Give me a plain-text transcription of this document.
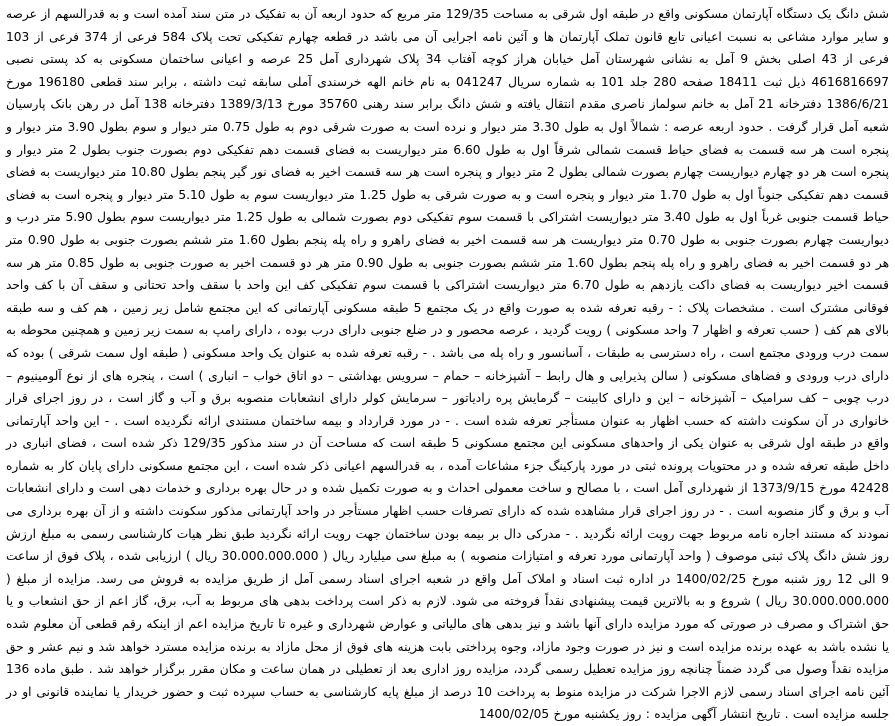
شش دانگ یک دستگاه آپارتمان مسکونی واقع در طبقه اول شرقی به مساحت 129/35 متر مربع که حدود اربعه آن به تفکیک در متن سند آمده است و به قدرالسهم از عرصه و سایر موارد مشاعی به نسبت اعیانی تابع قانون تملک آپارتمان ها و آئین نامه اجرایی آن می باشد در قطعه چهارم تفکیکی تحت پلاک 584 فرعی از 374 فرعی از 103 فرعی از 43 اصلی بخش 9 آمل به نشانی شهرستان آمل خیابان هراز کوچه آفتاب 34 پلاک شهرداری آمل 25 عرصه و اعیانی ساختمان مسکونی به کد پستی نصبی 4616816697 ذیل ثبت 18411 صفحه 280 جلد 101 به شماره سریال 041247 به نام خانم الهه خرسندی آملی سابقه ثبت داشته ، برابر سند قطعی 196180 مورخ 1386/6/21 دفترخانه 21 آمل به خانم سولماز ناصری مقدم انتقال یافته و شش دانگ برابر سند رهنی 35760 مورخ 1389/3/13 دفترخانه 138 آمل در رهن بانک پارسیان شعبه آمل قرار گرفت . حدود اربعه عرصه : شمالاً اول به طول 3.30 متر دیوار و نرده است به صورت شرقی دوم به طول 0.75 متر دیوار و سوم بطول 3.90 متر دیوار و پنجره است هر سه قسمت به فضای حیاط قسمت شمالی شرقاً اول به طول 6.60 متر دیواریست به فضای قسمت دهم تفکیکی دوم بصورت جنوب بطول 2 متر دیوار و پنجره است هر دو چهارم دیواریست چهارم بصورت شمالی بطول 2 متر دیوار و پنجره است هر سه قسمت اخیر به فضای نور گیر پنجم بطول 10.80 متر دیواریست به فضای قسمت دهم تفکیکی جنوباً اول به طول 1.70 متر دیوار و پنجره است و به صورت شرقی به طول 1.25 متر دیواریست سوم به طول 5.10 متر دیوار و پنجره است به فضای حیاط قسمت جنوبی غرباً اول به طول 3.40 متر دیواریست اشتراکی با قسمت سوم تفکیکی دوم بصورت شمالی به طول 1.25 متر دیواریست سوم بطول 5.90 متر درب و دیواریست چهارم بصورت جنوبی به طول 0.70 متر دیواریست هر سه قسمت اخیر به فضای راهرو و راه پله پنجم بطول 1.60 متر ششم بصورت جنوبی به طول 0.90 متر هر دو قسمت اخیر به فضای راهرو و راه پله پنجم بطول 1.60 متر ششم بصورت جنوبی به طول 0.90 متر هر دو قسمت اخیر به صورت جنوبی به طول 0.85 متر هر سه قسمت اخیر دیواریست به فضای داکت یازدهم به طول 6.70 متر دیواریست اشتراکی با قسمت سوم تفکیکی کف این واحد با سقف واحد تحتانی و سقف آن با کف واحد فوقانی مشترک است . مشخصات پلاک : - رقبه تعرفه شده به صورت واقع در یک مجتمع 5 طبقه مسکونی آپارتمانی که این مجتمع شامل زیر زمین ، هم کف و سه طبقه بالای هم کف ( حسب تعرفه و اظهار 7 واحد مسکونی ) رویت گردید ، عرصه محصور و در ضلع جنوبی دارای درب بوده ، دارای رامپ به سمت زیر زمین و همچنین محوطه به سمت درب ورودی مجتمع است ، راه دسترسی به طبقات ، آسانسور و راه پله می باشد . - رقبه تعرفه شده به عنوان یک واحد مسکونی ( طبقه اول سمت شرقی ) بوده که دارای درب ورودی و فضاهای مسکونی ( سالن پذیرایی و هال رابط – آشپزخانه – حمام – سرویس بهداشتی – دو اتاق خواب – انباری ) است ، پنجره های از نوع آلومینیوم – درب چوبی – کف سرامیک – آشپزخانه – این و دارای کابینت – گرمایش پره رادیاتور – سرمایش کولر دارای انشعابات منصوبه برق و آب و گاز است ، در روز اجرای قرار خانواری در آن سکونت داشته که حسب اظهار به عنوان مستأجر تعرفه شده است . - در مورد قرارداد و بیمه ساختمان مستندی ارائه نگردیده است . - این واحد آپارتمانی واقع در طبقه اول شرقی به عنوان یکی از واحدهای مسکونی این مجتمع مسکونی 5 طبقه است که مساحت آن در سند مذکور 129/35 ذکر شده است ، فضای انباری در داخل طبقه تعرفه شده و در محتویات پرونده ثبتی در مورد پارکینگ جزء مشاعات آمده ، به قدرالسهم اعیانی ذکر شده است ، این مجتمع مسکونی دارای پایان کار به شماره 42428 مورخ 1373/9/15 از شهرداری آمل است ، با مصالح و ساخت معمولی احداث و به صورت تکمیل شده و در حال بهره برداری و خدمات دهی است و دارای انشعابات آب و برق و گاز منصوبه است . - در روز اجرای قرار مشاهده شده که دارای تصرفات حسب اظهار مستأجر در واحد آپارتمانی مذکور سکونت داشته و از آن بهره برداری می نمودند که مستند اجاره نامه مربوط جهت رویت ارائه نگردید . - مدرکی دال بر بیمه بودن ساختمان جهت رویت ارائه نگردید طبق نظر هیات کارشناسی رسمی به مبلغ ارزش روز شش دانگ پلاک ثبتی موصوف ( واحد آپارتمانی مورد تعرفه و امتیازات منصوبه ) به مبلغ سی میلیارد ریال ( 30.000.000.000 ریال ) ارزیابی شده ، پلاک فوق از ساعت 9 الی 12 روز شنبه مورخ 1400/02/25 در اداره ثبت اسناد و املاک آمل واقع در شعبه اجرای اسناد رسمی آمل از طریق مزایده به فروش می رسد. مزایده از مبلغ ( 30.000.000.000 ریال ) شروع و به بالاترین قیمت پیشنهادی نقداً فروخته می شود. لازم به ذکر است پرداخت بدهی های مربوط به آب، برق، گاز اعم از حق انشعاب و یا حق اشتراک و مصرف در صورتی که مورد مزایده دارای آنها باشد و نیز بدهی های مالیاتی و عوارض شهرداری و غیره تا تاریخ مزایده اعم از اینکه رقم قطعی آن معلوم شده یا نشده باشد به عهده برنده مزایده است و نیز در صورت وجود مازاد، وجوه پرداختی بابت هزینه های فوق از محل مازاد به برنده مزایده مسترد خواهد شد و نیم عشر و حق مزایده نقداً وصول می گردد ضمناً چنانچه روز مزایده تعطیل رسمی گردد، مزایده روز اداری بعد از تعطیلی در همان ساعت و مکان مقرر برگزار خواهد شد . طبق ماده 136 آئین نامه اجرای اسناد رسمی لازم الاجرا شرکت در مزایده منوط به پرداخت 10 درصد از مبلغ پایه کارشناسی به حساب سپرده ثبت و حضور خریدار یا نماینده قانونی او در جلسه مزایده است . تاریخ انتشار آگهی مزایده : روز یکشنبه مورخ 1400/02/05
